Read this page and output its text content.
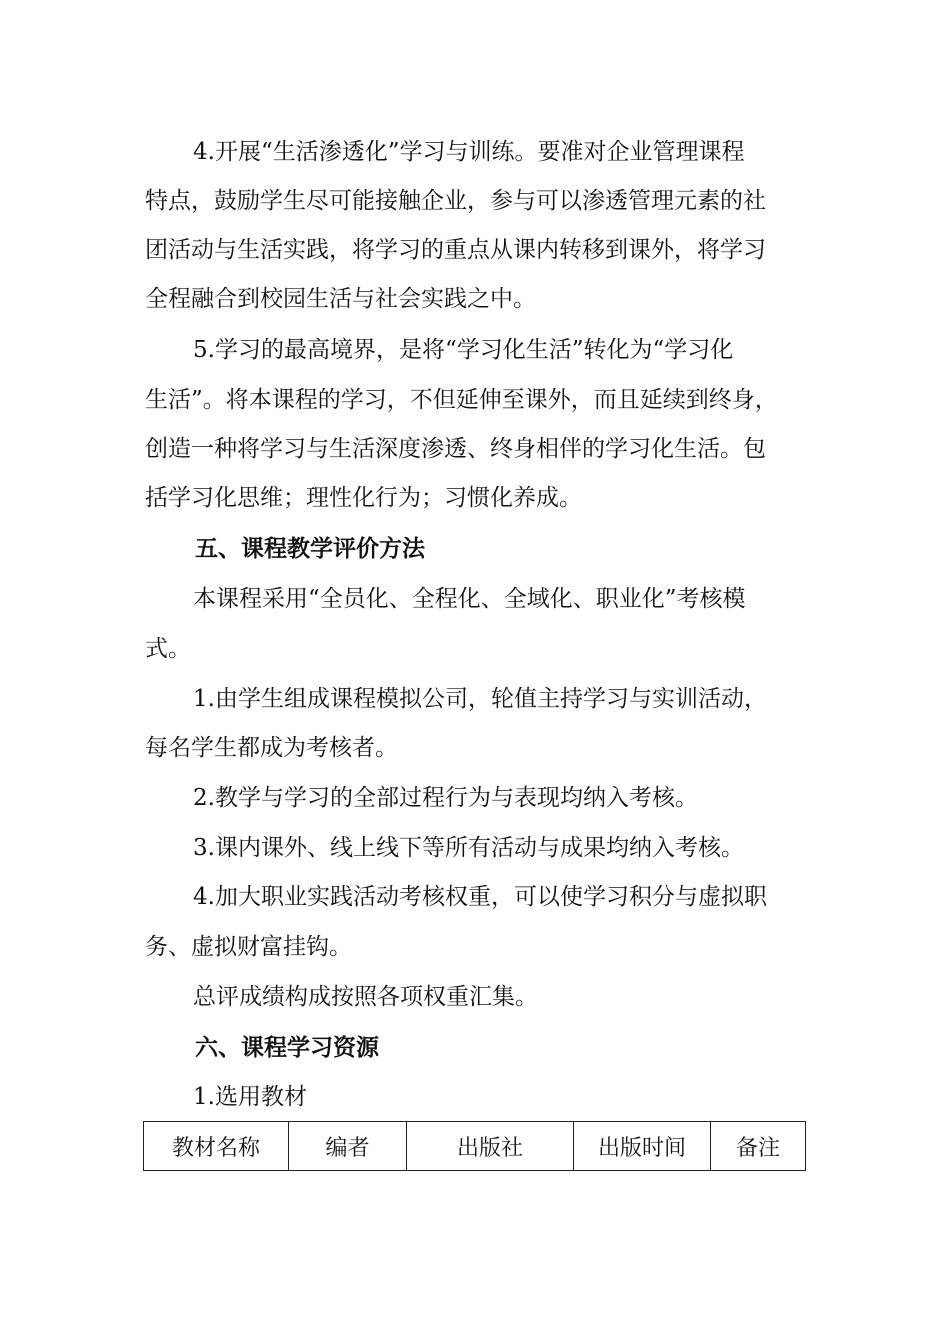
4.开展“生活渗透化”学习与训练。要准对企业管理课程
特点，鼓励学生尽可能接触企业，参与可以渗透管理元素的社
团活动与生活实践，将学习的重点从课内转移到课外，将学习
全程融合到校园生活与社会实践之中。
5.学习的最高境界，是将“学习化生活”转化为“学习化
生活”。将本课程的学习，不但延伸至课外，而且延续到终身，
创造一种将学习与生活深度渗透、终身相伴的学习化生活。包
括学习化思维；理性化行为；习惯化养成。
五、课程教学评价方法
本课程采用“全员化、全程化、全域化、职业化”考核模
式。
1.由学生组成课程模拟公司，轮值主持学习与实训活动，
每名学生都成为考核者。
2.教学与学习的全部过程行为与表现均纳入考核。
3.课内课外、线上线下等所有活动与成果均纳入考核。
4.加大职业实践活动考核权重，可以使学习积分与虚拟职
务、虚拟财富挂钩。
总评成绩构成按照各项权重汇集。
六、课程学习资源
1.选用教材
教材名称	编者	出版社	出版时间	备注
